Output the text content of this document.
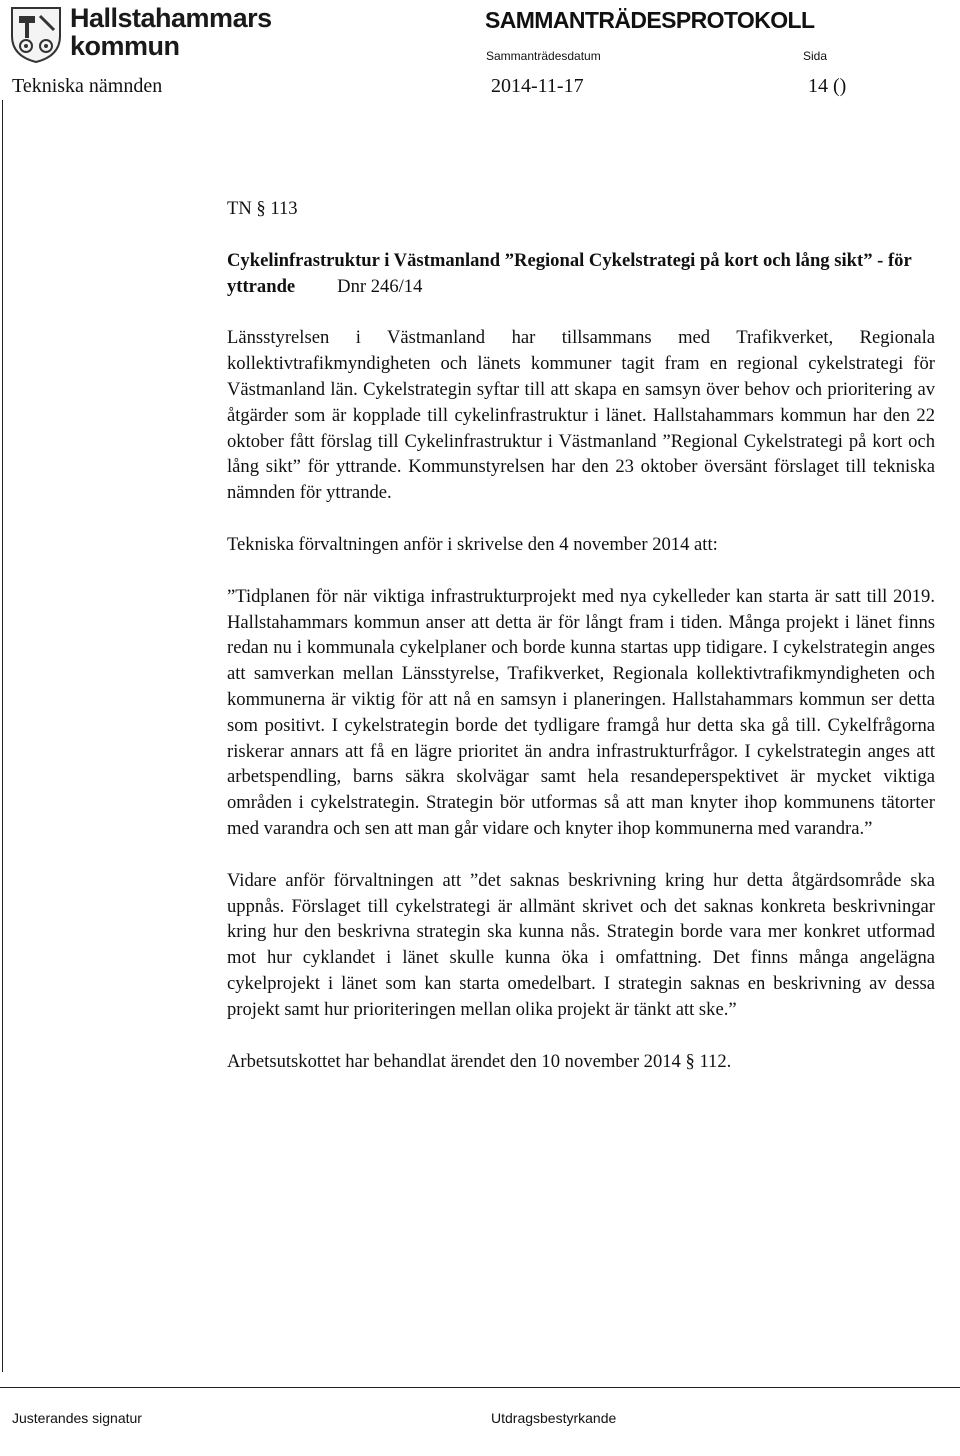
Hallstahammars
kommun
SAMMANTRÄDESPROTOKOLL
Sammanträdesdatum	Sida
Tekniska nämnden	2014-11-17	14 ()

TN § 113

Cykelinfrastruktur i Västmanland ”Regional Cykelstrategi på kort och lång sikt” - för yttrande Dnr 246/14

Länsstyrelsen i Västmanland har tillsammans med Trafikverket, Regionala kollektivtrafikmyndigheten och länets kommuner tagit fram en regional cykelstrategi för Västmanland län. Cykelstrategin syftar till att skapa en samsyn över behov och prioritering av åtgärder som är kopplade till cykelinfrastruktur i länet. Hallstahammars kommun har den 22 oktober fått förslag till Cykelinfrastruktur i Västmanland ”Regional Cykelstrategi på kort och lång sikt” för yttrande. Kommunstyrelsen har den 23 oktober översänt förslaget till tekniska nämnden för yttrande.

Tekniska förvaltningen anför i skrivelse den 4 november 2014 att:

”Tidplanen för när viktiga infrastrukturprojekt med nya cykelleder kan starta är satt till 2019. Hallstahammars kommun anser att detta är för långt fram i tiden. Många projekt i länet finns redan nu i kommunala cykelplaner och borde kunna startas upp tidigare. I cykelstrategin anges att samverkan mellan Länsstyrelse, Trafikverket, Regionala kollektivtrafikmyndigheten och kommunerna är viktig för att nå en samsyn i planeringen. Hallstahammars kommun ser detta som positivt. I cykelstrategin borde det tydligare framgå hur detta ska gå till. Cykelfrågorna riskerar annars att få en lägre prioritet än andra infrastrukturfrågor. I cykelstrategin anges att arbetspendling, barns säkra skolvägar samt hela resandeperspektivet är mycket viktiga områden i cykelstrategin. Strategin bör utformas så att man knyter ihop kommunens tätorter med varandra och sen att man går vidare och knyter ihop kommunerna med varandra.”

Vidare anför förvaltningen att ”det saknas beskrivning kring hur detta åtgärdsområde ska uppnås. Förslaget till cykelstrategi är allmänt skrivet och det saknas konkreta beskrivningar kring hur den beskrivna strategin ska kunna nås. Strategin borde vara mer konkret utformad mot hur cyklandet i länet skulle kunna öka i omfattning. Det finns många angelägna cykelprojekt i länet som kan starta omedelbart. I strategin saknas en beskrivning av dessa projekt samt hur prioriteringen mellan olika projekt är tänkt att ske.”

Arbetsutskottet har behandlat ärendet den 10 november 2014 § 112.

Justerandes signatur	Utdragsbestyrkande
